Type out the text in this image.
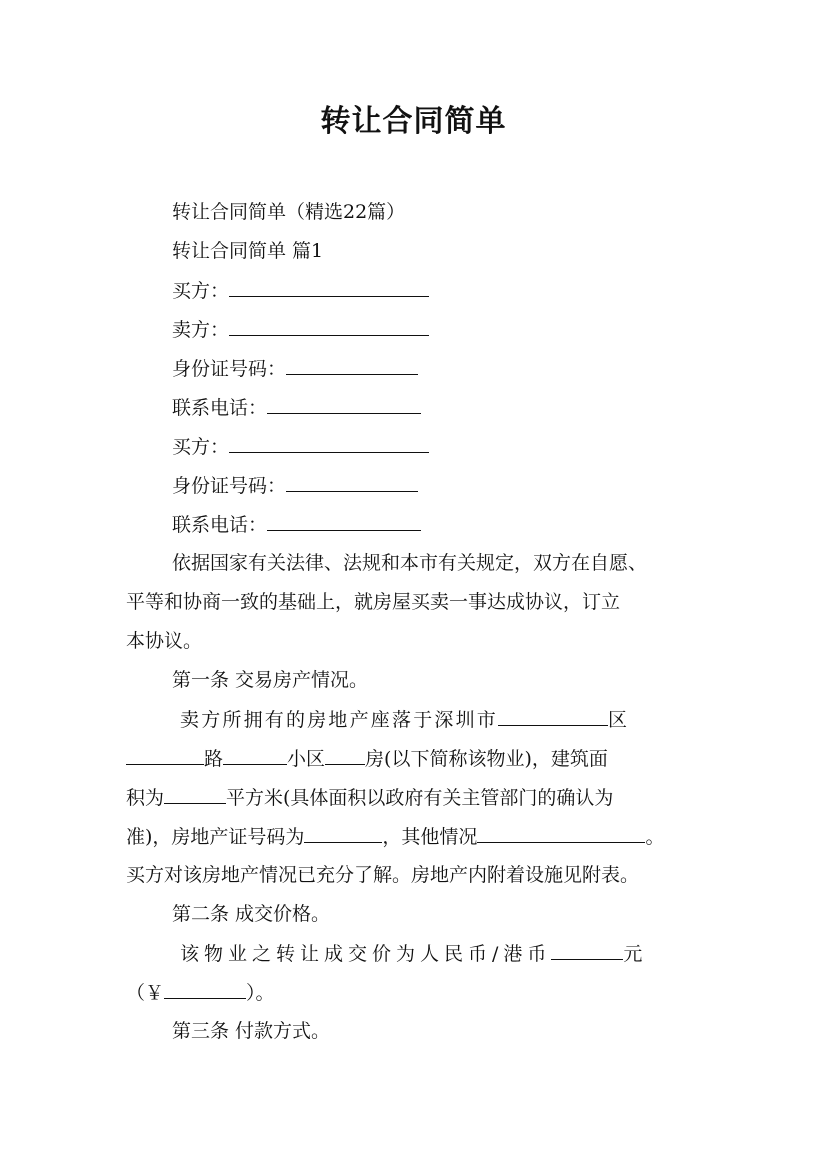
转让合同简单
转让合同简单（精选22篇）
转让合同简单 篇1
买方：
卖方：
身份证号码：
联系电话：
买方：
身份证号码：
联系电话：
依据国家有关法律、法规和本市有关规定，双方在自愿、
平等和协商一致的基础上，就房屋买卖一事达成协议，订立
本协议。
第一条 交易房产情况。
卖方所拥有的房地产座落于深圳市	区
路	小区 房(以下简称该物业)，建筑面
积为	平方米(具体面积以政府有关主管部门的确认为
准)，房地产证号码为	，其他情况	。
买方对该房地产情况已充分了解。房地产内附着设施见附表。
第二条 成交价格。
该物业之转让成交价为人民币/港币	元
（￥	）。
第三条 付款方式。
